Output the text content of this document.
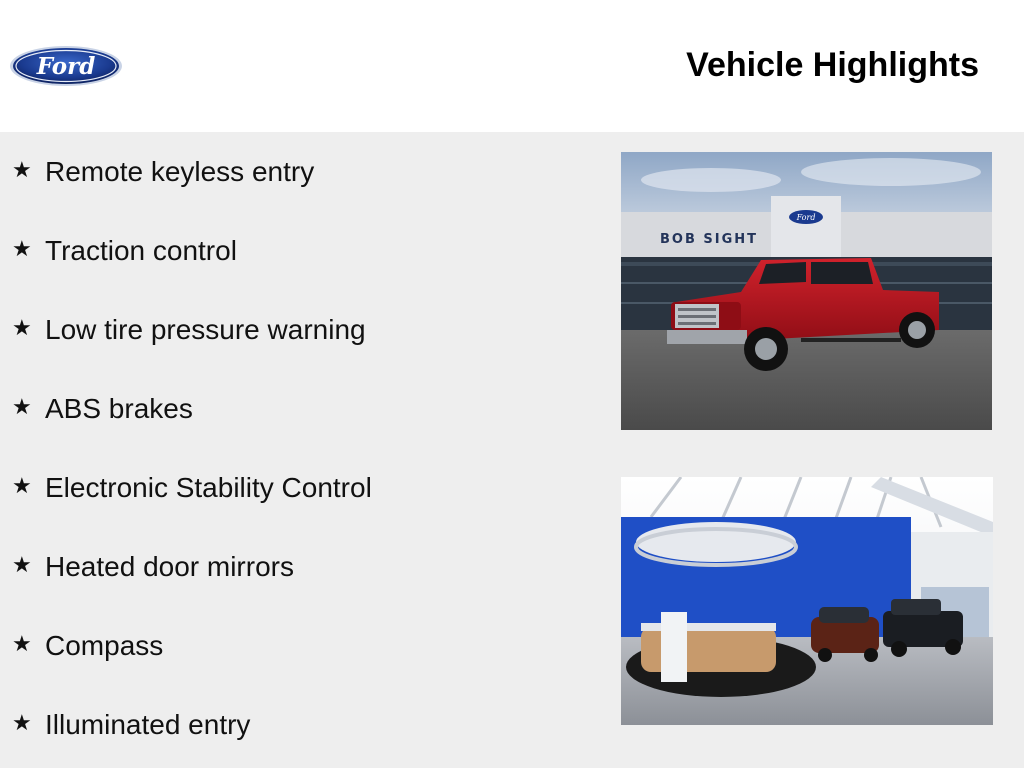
Ford	Vehicle Highlights
★ Remote keyless entry
★ Traction control
★ Low tire pressure warning
★ ABS brakes
★ Electronic Stability Control
★ Heated door mirrors
★ Compass
★ Illuminated entry
Ford
BOB SIGHT
